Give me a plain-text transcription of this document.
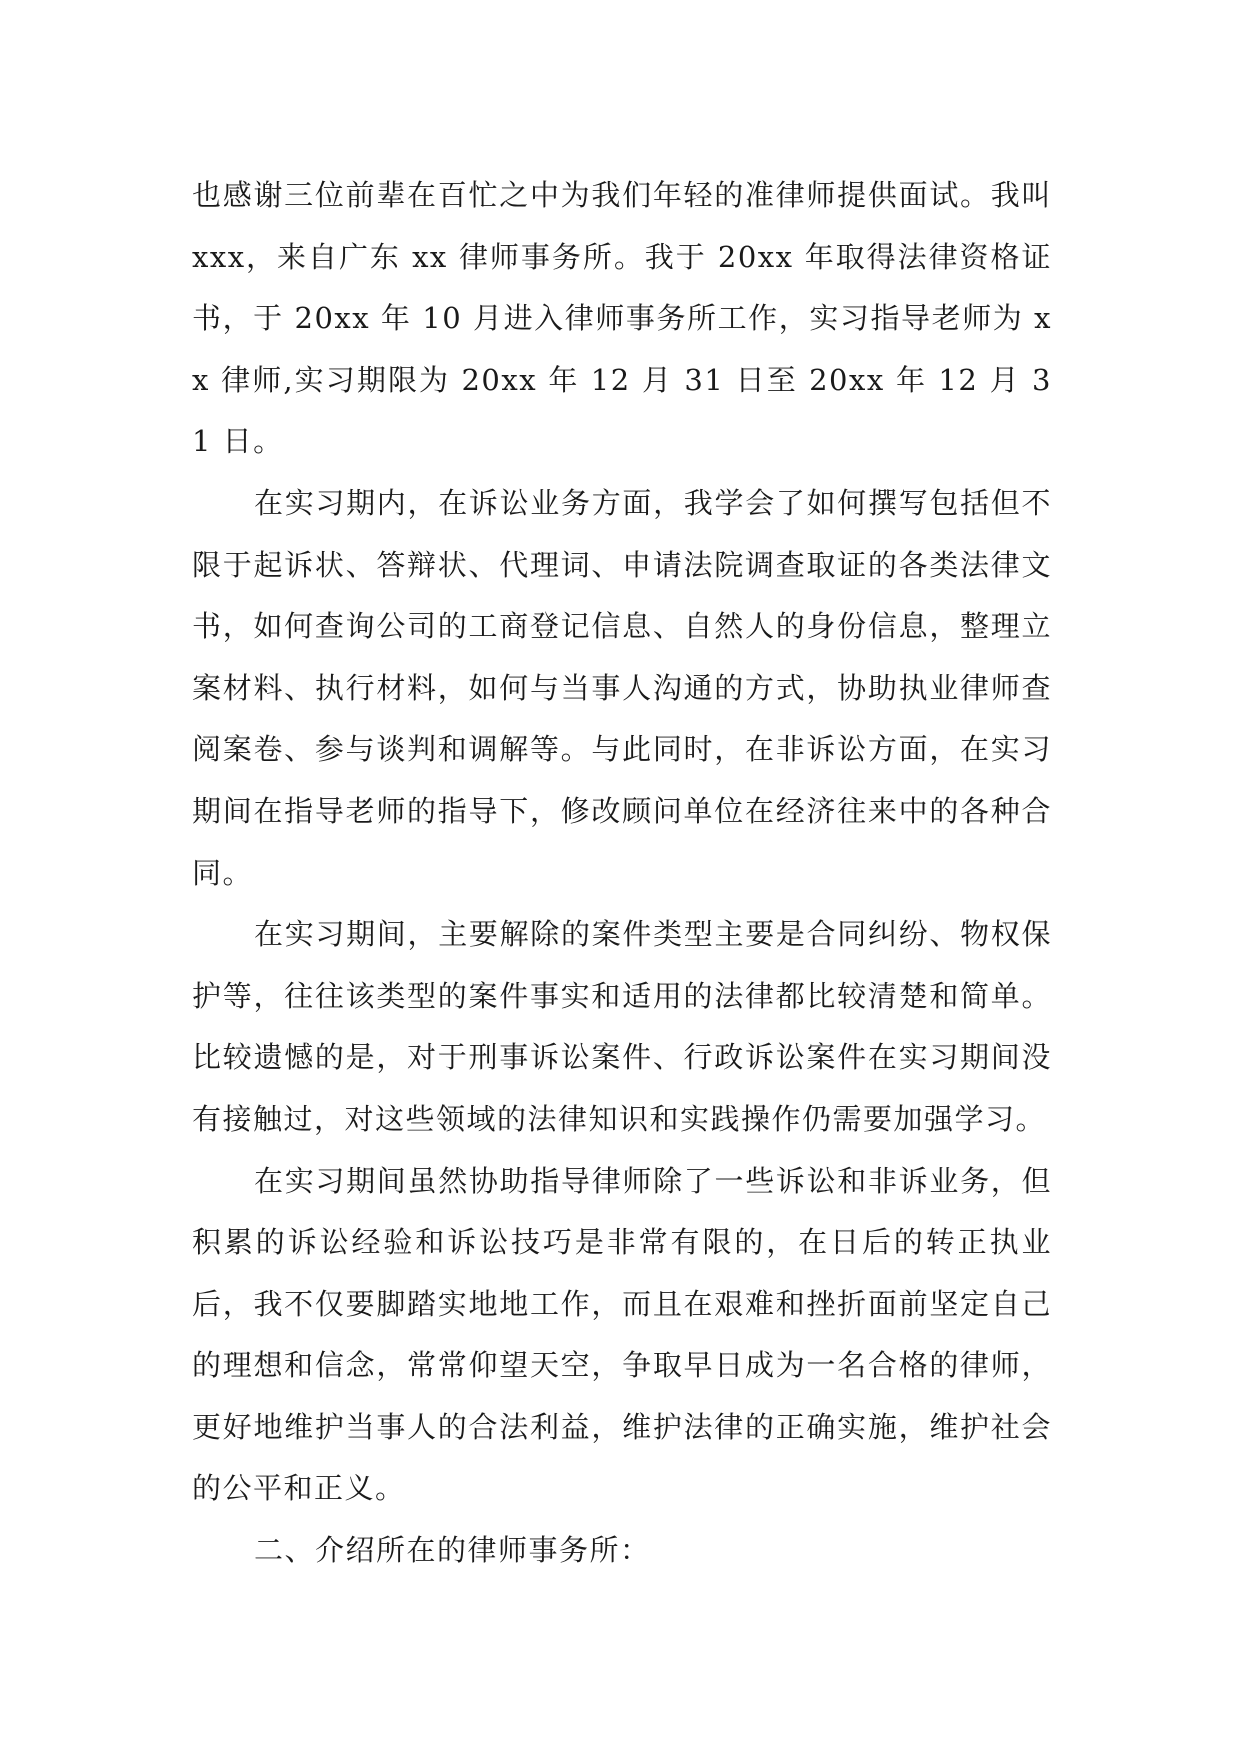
也感谢三位前辈在百忙之中为我们年轻的准律师提供面试。我叫 xxx，来自广东 xx 律师事务所。我于 20xx 年取得法律资格证书，于 20xx 年 10 月进入律师事务所工作，实习指导老师为 xx 律师,实习期限为 20xx 年 12 月 31 日至 20xx 年 12 月 31 日。

在实习期内，在诉讼业务方面，我学会了如何撰写包括但不限于起诉状、答辩状、代理词、申请法院调查取证的各类法律文书，如何查询公司的工商登记信息、自然人的身份信息，整理立案材料、执行材料，如何与当事人沟通的方式，协助执业律师查阅案卷、参与谈判和调解等。与此同时，在非诉讼方面，在实习期间在指导老师的指导下，修改顾问单位在经济往来中的各种合同。

在实习期间，主要解除的案件类型主要是合同纠纷、物权保护等，往往该类型的案件事实和适用的法律都比较清楚和简单。比较遗憾的是，对于刑事诉讼案件、行政诉讼案件在实习期间没有接触过，对这些领域的法律知识和实践操作仍需要加强学习。

在实习期间虽然协助指导律师除了一些诉讼和非诉业务，但积累的诉讼经验和诉讼技巧是非常有限的，在日后的转正执业后，我不仅要脚踏实地地工作，而且在艰难和挫折面前坚定自己的理想和信念，常常仰望天空，争取早日成为一名合格的律师，更好地维护当事人的合法利益，维护法律的正确实施，维护社会的公平和正义。

二、介绍所在的律师事务所：
